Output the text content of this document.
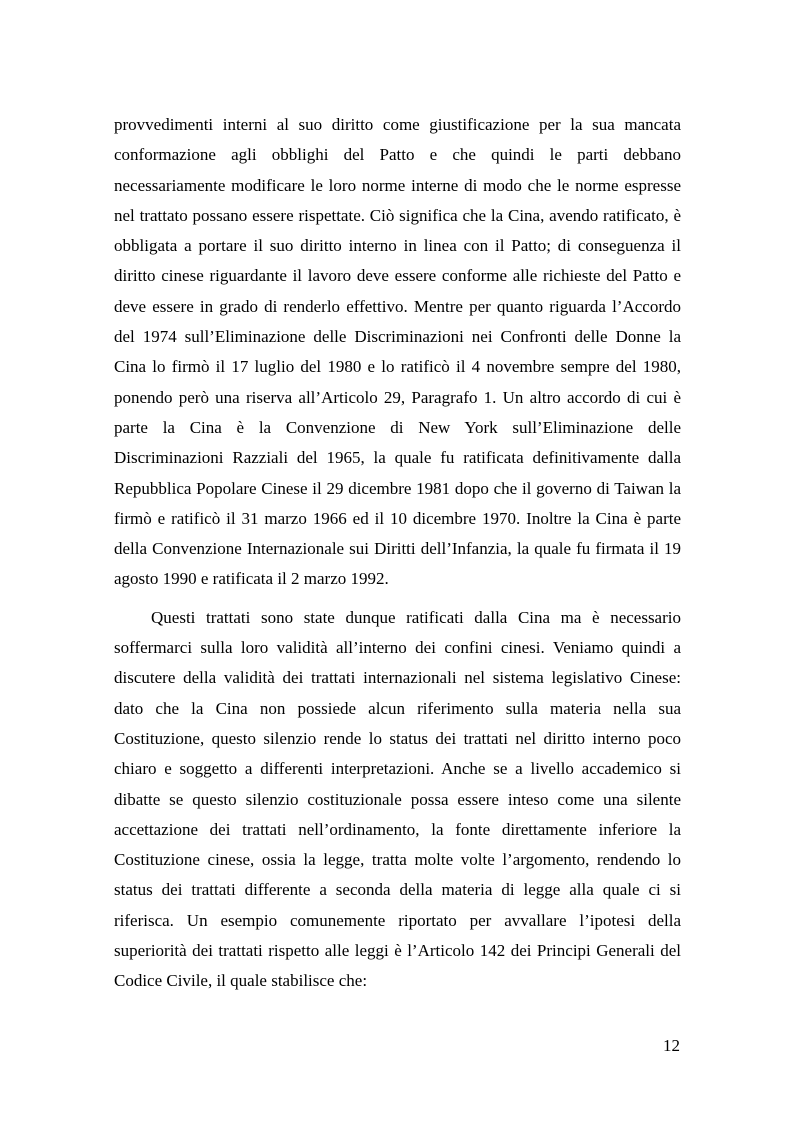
provvedimenti interni al suo diritto come giustificazione per la sua mancata conformazione agli obblighi del Patto e che quindi le parti debbano necessariamente modificare le loro norme interne di modo che le norme espresse nel trattato possano essere rispettate. Ciò significa che la Cina, avendo ratificato, è obbligata a portare il suo diritto interno in linea con il Patto; di conseguenza il diritto cinese riguardante il lavoro deve essere conforme alle richieste del Patto e deve essere in grado di renderlo effettivo. Mentre per quanto riguarda l’Accordo del 1974 sull’Eliminazione delle Discriminazioni nei Confronti delle Donne la Cina lo firmò il 17 luglio del 1980 e lo ratificò il 4 novembre sempre del 1980, ponendo però una riserva all’Articolo 29, Paragrafo 1. Un altro accordo di cui è parte la Cina è la Convenzione di New York sull’Eliminazione delle Discriminazioni Razziali del 1965, la quale fu ratificata definitivamente dalla Repubblica Popolare Cinese il 29 dicembre 1981 dopo che il governo di Taiwan la firmò e ratificò il 31 marzo 1966 ed il 10 dicembre 1970. Inoltre la Cina è parte della Convenzione Internazionale sui Diritti dell’Infanzia, la quale fu firmata il 19 agosto 1990 e ratificata il 2 marzo 1992.

Questi trattati sono state dunque ratificati dalla Cina ma è necessario soffermarci sulla loro validità all’interno dei confini cinesi. Veniamo quindi a discutere della validità dei trattati internazionali nel sistema legislativo Cinese: dato che la Cina non possiede alcun riferimento sulla materia nella sua Costituzione, questo silenzio rende lo status dei trattati nel diritto interno poco chiaro e soggetto a differenti interpretazioni. Anche se a livello accademico si dibatte se questo silenzio costituzionale possa essere inteso come una silente accettazione dei trattati nell’ordinamento, la fonte direttamente inferiore la Costituzione cinese, ossia la legge, tratta molte volte l’argomento, rendendo lo status dei trattati differente a seconda della materia di legge alla quale ci si riferisca. Un esempio comunemente riportato per avvallare l’ipotesi della superiorità dei trattati rispetto alle leggi è l’Articolo 142 dei Principi Generali del Codice Civile, il quale stabilisce che:

12
